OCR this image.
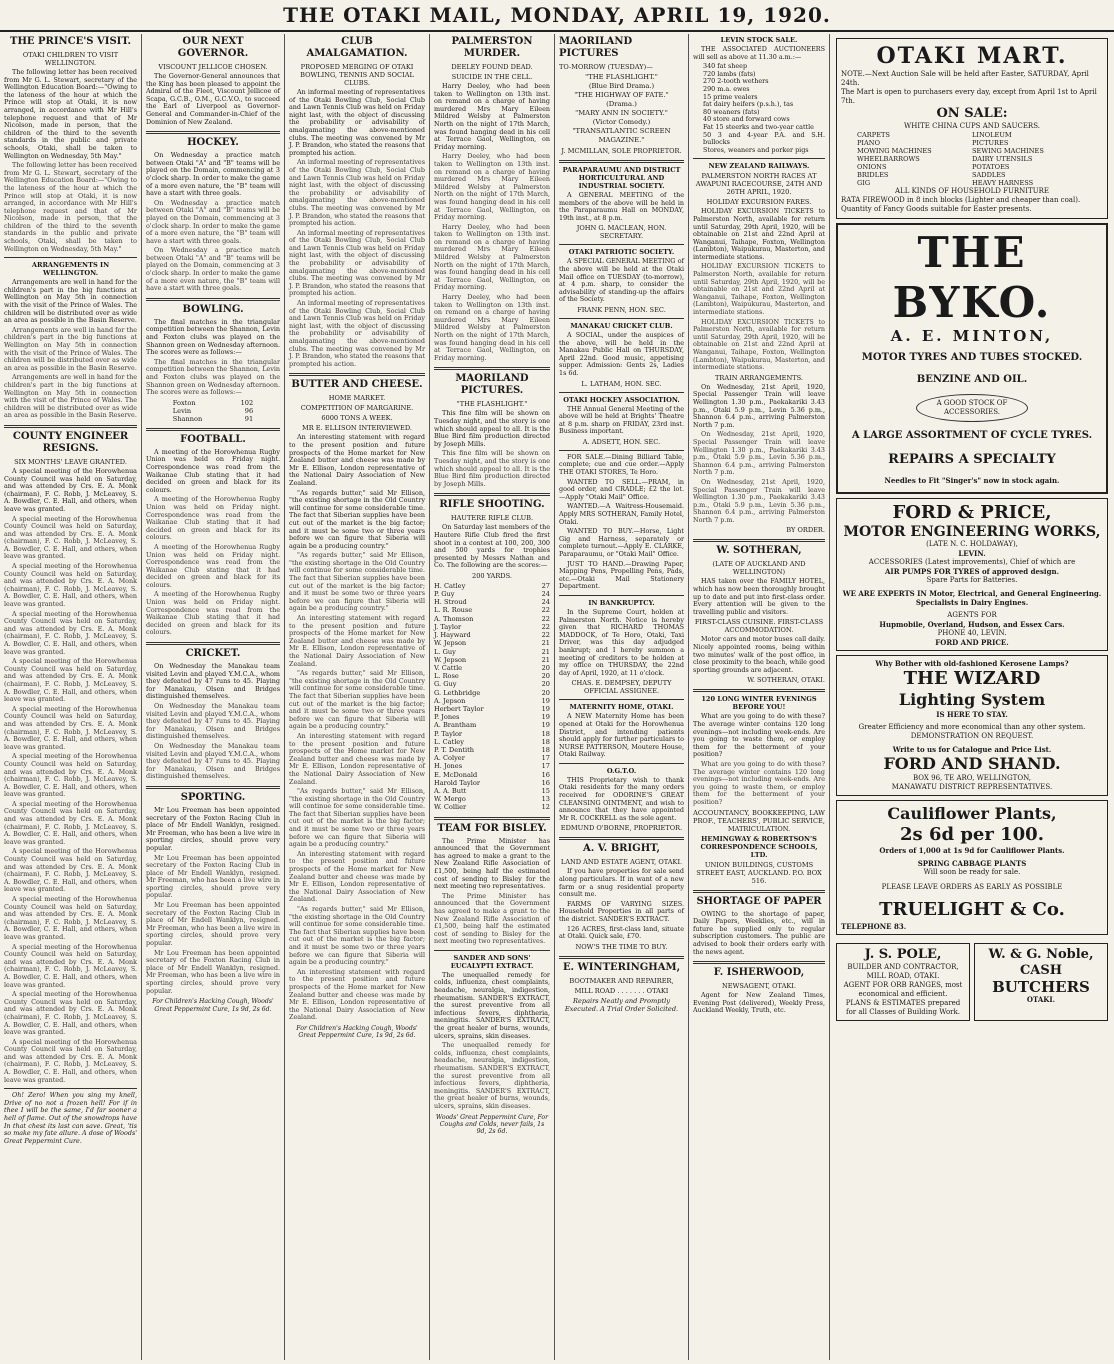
THE OTAKI MAIL, MONDAY, APRIL 19, 1920.
THE PRINCE'S VISIT.
OTAKI CHILDREN TO VISIT WELLINGTON.

The following letter has been received from Mr G. L. Stewart, secretary of the Wellington Education Board:—"Owing to the lateness of the hour at which the Prince will stop at Otaki, it is now arranged, in accordance with Mr Hill's telephone request and that of Mr Nicolson, made in person, that the children of the third to the seventh standards in the public and private schools, Otaki, shall be taken to Wellington on Wednesday, 5th May."

The following letter has been received from Mr G. L. Stewart, secretary of the Wellington Education Board:—"Owing to the lateness of the hour at which the Prince will stop at Otaki, it is now arranged, in accordance with Mr Hill's telephone request and that of Mr Nicolson, made in person, that the children of the third to the seventh standards in the public and private schools, Otaki, shall be taken to Wellington on Wednesday, 5th May."

ARRANGEMENTS IN WELLINGTON.

Arrangements are well in hand for the children's part in the big functions at Wellington on May 5th in connection with the visit of the Prince of Wales. The children will be distributed over as wide an area as possible in the Basin Reserve.

Arrangements are well in hand for the children's part in the big functions at Wellington on May 5th in connection with the visit of the Prince of Wales. The children will be distributed over as wide an area as possible in the Basin Reserve.

Arrangements are well in hand for the children's part in the big functions at Wellington on May 5th in connection with the visit of the Prince of Wales. The children will be distributed over as wide an area as possible in the Basin Reserve.

COUNTY ENGINEER RESIGNS.
SIX MONTHS' LEAVE GRANTED.

A special meeting of the Horowhenua County Council was held on Saturday, and was attended by Crs. E. A. Monk (chairman), F. C. Robb, J. McLeavey, S. A. Bowdler, C. E. Hall, and others, when leave was granted.

A special meeting of the Horowhenua County Council was held on Saturday, and was attended by Crs. E. A. Monk (chairman), F. C. Robb, J. McLeavey, S. A. Bowdler, C. E. Hall, and others, when leave was granted.

A special meeting of the Horowhenua County Council was held on Saturday, and was attended by Crs. E. A. Monk (chairman), F. C. Robb, J. McLeavey, S. A. Bowdler, C. E. Hall, and others, when leave was granted.

A special meeting of the Horowhenua County Council was held on Saturday, and was attended by Crs. E. A. Monk (chairman), F. C. Robb, J. McLeavey, S. A. Bowdler, C. E. Hall, and others, when leave was granted.

A special meeting of the Horowhenua County Council was held on Saturday, and was attended by Crs. E. A. Monk (chairman), F. C. Robb, J. McLeavey, S. A. Bowdler, C. E. Hall, and others, when leave was granted.

A special meeting of the Horowhenua County Council was held on Saturday, and was attended by Crs. E. A. Monk (chairman), F. C. Robb, J. McLeavey, S. A. Bowdler, C. E. Hall, and others, when leave was granted.

A special meeting of the Horowhenua County Council was held on Saturday, and was attended by Crs. E. A. Monk (chairman), F. C. Robb, J. McLeavey, S. A. Bowdler, C. E. Hall, and others, when leave was granted.

A special meeting of the Horowhenua County Council was held on Saturday, and was attended by Crs. E. A. Monk (chairman), F. C. Robb, J. McLeavey, S. A. Bowdler, C. E. Hall, and others, when leave was granted.

A special meeting of the Horowhenua County Council was held on Saturday, and was attended by Crs. E. A. Monk (chairman), F. C. Robb, J. McLeavey, S. A. Bowdler, C. E. Hall, and others, when leave was granted.

A special meeting of the Horowhenua County Council was held on Saturday, and was attended by Crs. E. A. Monk (chairman), F. C. Robb, J. McLeavey, S. A. Bowdler, C. E. Hall, and others, when leave was granted.

A special meeting of the Horowhenua County Council was held on Saturday, and was attended by Crs. E. A. Monk (chairman), F. C. Robb, J. McLeavey, S. A. Bowdler, C. E. Hall, and others, when leave was granted.

A special meeting of the Horowhenua County Council was held on Saturday, and was attended by Crs. E. A. Monk (chairman), F. C. Robb, J. McLeavey, S. A. Bowdler, C. E. Hall, and others, when leave was granted.

A special meeting of the Horowhenua County Council was held on Saturday, and was attended by Crs. E. A. Monk (chairman), F. C. Robb, J. McLeavey, S. A. Bowdler, C. E. Hall, and others, when leave was granted.

Oh! Zero! When you sing my knell, Drive of no not a frozen hell! For if in thee I will be the same, I'd far sooner a hell of flame. Out of the snowdrops have In that chest its last can save. Great, 'tis so make my fate allure. A dose of Woods' Great Peppermint Cure.

OUR NEXT GOVERNOR.
VISCOUNT JELLICOE CHOSEN.

The Governor-General announces that the King has been pleased to appoint the Admiral of the Fleet, Viscount Jellicoe of Scapa, G.C.B., O.M., G.C.V.O., to succeed the Earl of Liverpool as Governor-General and Commander-in-Chief of the Dominion of New Zealand.

HOCKEY.

On Wednesday a practice match between Otaki "A" and "B" teams will be played on the Domain, commencing at 3 o'clock sharp. In order to make the game of a more even nature, the "B" team will have a start with three goals.

On Wednesday a practice match between Otaki "A" and "B" teams will be played on the Domain, commencing at 3 o'clock sharp. In order to make the game of a more even nature, the "B" team will have a start with three goals.

On Wednesday a practice match between Otaki "A" and "B" teams will be played on the Domain, commencing at 3 o'clock sharp. In order to make the game of a more even nature, the "B" team will have a start with three goals.

BOWLING.

The final matches in the triangular competition between the Shannon, Levin and Foxton clubs was played on the Shannon green on Wednesday afternoon. The scores were as follows:—

The final matches in the triangular competition between the Shannon, Levin and Foxton clubs was played on the Shannon green on Wednesday afternoon. The scores were as follows:—

Foxton	102
Levin	96
Shannon	91
FOOTBALL.

A meeting of the Horowhenua Rugby Union was held on Friday night. Correspondence was read from the Waikanae Club stating that it had decided on green and black for its colours.

A meeting of the Horowhenua Rugby Union was held on Friday night. Correspondence was read from the Waikanae Club stating that it had decided on green and black for its colours.

A meeting of the Horowhenua Rugby Union was held on Friday night. Correspondence was read from the Waikanae Club stating that it had decided on green and black for its colours.

A meeting of the Horowhenua Rugby Union was held on Friday night. Correspondence was read from the Waikanae Club stating that it had decided on green and black for its colours.

CRICKET.

On Wednesday the Manakau team visited Levin and played Y.M.C.A., whom they defeated by 47 runs to 45. Playing for Manakau, Olsen and Bridges distinguished themselves.

On Wednesday the Manakau team visited Levin and played Y.M.C.A., whom they defeated by 47 runs to 45. Playing for Manakau, Olsen and Bridges distinguished themselves.

On Wednesday the Manakau team visited Levin and played Y.M.C.A., whom they defeated by 47 runs to 45. Playing for Manakau, Olsen and Bridges distinguished themselves.

SPORTING.

Mr Lou Freeman has been appointed secretary of the Foxton Racing Club in place of Mr Endell Wanklyn, resigned. Mr Freeman, who has been a live wire in sporting circles, should prove very popular.

Mr Lou Freeman has been appointed secretary of the Foxton Racing Club in place of Mr Endell Wanklyn, resigned. Mr Freeman, who has been a live wire in sporting circles, should prove very popular.

Mr Lou Freeman has been appointed secretary of the Foxton Racing Club in place of Mr Endell Wanklyn, resigned. Mr Freeman, who has been a live wire in sporting circles, should prove very popular.

Mr Lou Freeman has been appointed secretary of the Foxton Racing Club in place of Mr Endell Wanklyn, resigned. Mr Freeman, who has been a live wire in sporting circles, should prove very popular.

For Children's Hacking Cough, Woods' Great Peppermint Cure, 1s 9d, 2s 6d.
CLUB AMALGAMATION.
PROPOSED MERGING OF OTAKI BOWLING, TENNIS AND SOCIAL CLUBS.

An informal meeting of representatives of the Otaki Bowling Club, Social Club and Lawn Tennis Club was held on Friday night last, with the object of discussing the probability or advisability of amalgamating the above-mentioned clubs. The meeting was convened by Mr J. P. Brandon, who stated the reasons that prompted his action.

An informal meeting of representatives of the Otaki Bowling Club, Social Club and Lawn Tennis Club was held on Friday night last, with the object of discussing the probability or advisability of amalgamating the above-mentioned clubs. The meeting was convened by Mr J. P. Brandon, who stated the reasons that prompted his action.

An informal meeting of representatives of the Otaki Bowling Club, Social Club and Lawn Tennis Club was held on Friday night last, with the object of discussing the probability or advisability of amalgamating the above-mentioned clubs. The meeting was convened by Mr J. P. Brandon, who stated the reasons that prompted his action.

An informal meeting of representatives of the Otaki Bowling Club, Social Club and Lawn Tennis Club was held on Friday night last, with the object of discussing the probability or advisability of amalgamating the above-mentioned clubs. The meeting was convened by Mr J. P. Brandon, who stated the reasons that prompted his action.

BUTTER AND CHEESE.
HOME MARKET.
COMPETITION OF MARGARINE.
6000 TONS A WEEK.
MR E. ELLISON INTERVIEWED.

An interesting statement with regard to the present position and future prospects of the Home market for New Zealand butter and cheese was made by Mr E. Ellison, London representative of the National Dairy Association of New Zealand.

"As regards butter," said Mr Ellison, "the existing shortage in the Old Country will continue for some considerable time. The fact that Siberian supplies have been cut out of the market is the big factor; and it must be some two or three years before we can figure that Siberia will again be a producing country."

"As regards butter," said Mr Ellison, "the existing shortage in the Old Country will continue for some considerable time. The fact that Siberian supplies have been cut out of the market is the big factor; and it must be some two or three years before we can figure that Siberia will again be a producing country."

An interesting statement with regard to the present position and future prospects of the Home market for New Zealand butter and cheese was made by Mr E. Ellison, London representative of the National Dairy Association of New Zealand.

"As regards butter," said Mr Ellison, "the existing shortage in the Old Country will continue for some considerable time. The fact that Siberian supplies have been cut out of the market is the big factor; and it must be some two or three years before we can figure that Siberia will again be a producing country."

An interesting statement with regard to the present position and future prospects of the Home market for New Zealand butter and cheese was made by Mr E. Ellison, London representative of the National Dairy Association of New Zealand.

"As regards butter," said Mr Ellison, "the existing shortage in the Old Country will continue for some considerable time. The fact that Siberian supplies have been cut out of the market is the big factor; and it must be some two or three years before we can figure that Siberia will again be a producing country."

An interesting statement with regard to the present position and future prospects of the Home market for New Zealand butter and cheese was made by Mr E. Ellison, London representative of the National Dairy Association of New Zealand.

"As regards butter," said Mr Ellison, "the existing shortage in the Old Country will continue for some considerable time. The fact that Siberian supplies have been cut out of the market is the big factor; and it must be some two or three years before we can figure that Siberia will again be a producing country."

An interesting statement with regard to the present position and future prospects of the Home market for New Zealand butter and cheese was made by Mr E. Ellison, London representative of the National Dairy Association of New Zealand.

For Children's Hacking Cough, Woods' Great Peppermint Cure, 1s 9d, 2s 6d.
PALMERSTON MURDER.
DEELEY FOUND DEAD.
SUICIDE IN THE CELL.

Harry Deeley, who had been taken to Wellington on 13th inst. on remand on a charge of having murdered Mrs Mary Eileen Mildred Welsby at Palmerston North on the night of 17th March, was found hanging dead in his cell at Terrace Gaol, Wellington, on Friday morning.

Harry Deeley, who had been taken to Wellington on 13th inst. on remand on a charge of having murdered Mrs Mary Eileen Mildred Welsby at Palmerston North on the night of 17th March, was found hanging dead in his cell at Terrace Gaol, Wellington, on Friday morning.

Harry Deeley, who had been taken to Wellington on 13th inst. on remand on a charge of having murdered Mrs Mary Eileen Mildred Welsby at Palmerston North on the night of 17th March, was found hanging dead in his cell at Terrace Gaol, Wellington, on Friday morning.

Harry Deeley, who had been taken to Wellington on 13th inst. on remand on a charge of having murdered Mrs Mary Eileen Mildred Welsby at Palmerston North on the night of 17th March, was found hanging dead in his cell at Terrace Gaol, Wellington, on Friday morning.

MAORILAND PICTURES.
"THE FLASHLIGHT."

This fine film will be shown on Tuesday night, and the story is one which should appeal to all. It is the Blue Bird film production directed by Joseph Mills.

This fine film will be shown on Tuesday night, and the story is one which should appeal to all. It is the Blue Bird film production directed by Joseph Mills.

RIFLE SHOOTING.
HAUTERE RIFLE CLUB.

On Saturday last members of the Hautere Rifle Club fired the first shoot in a contest at 100, 200, 300 and 500 yards for trophies presented by Messrs Nathan and Co. The following are the scores:—

200 YARDS.
H. Catley	27
P. Guy	24
H. Stroud	24
L. R. Rouse	22
A. Thomson	22
J. Taylor	22
J. Hayward	22
W. Jepson	21
L. Guy	21
W. Jepson	21
V. Cattle	20
L. Rose	20
G. Guy	20
G. Lethbridge	20
A. Jepson	19
Herbert Taylor	19
P. Jones	19
A. Brantham	19
P. Taylor	18
L. Catley	18
P. T. Dentith	18
A. Colyer	17
H. Jones	17
E. McDonald	16
Harold Taylor	16
A. A. Butt	15
W. Mergo	13
W. Collier	12
TEAM FOR BISLEY.

The Prime Minister has announced that the Government has agreed to make a grant to the New Zealand Rifle Association of £1,500, being half the estimated cost of sending to Bisley for the next meeting two representatives.

The Prime Minister has announced that the Government has agreed to make a grant to the New Zealand Rifle Association of £1,500, being half the estimated cost of sending to Bisley for the next meeting two representatives.

SANDER AND SONS' EUCALYPTI EXTRACT.

The unequalled remedy for colds, influenza, chest complaints, headache, neuralgia, indigestion, rheumatism. SANDER'S EXTRACT, the surest preventive from all infectious fevers, diphtheria, meningitis. SANDER'S EXTRACT, the great healer of burns, wounds, ulcers, sprains, skin diseases.

The unequalled remedy for colds, influenza, chest complaints, headache, neuralgia, indigestion, rheumatism. SANDER'S EXTRACT, the surest preventive from all infectious fevers, diphtheria, meningitis. SANDER'S EXTRACT, the great healer of burns, wounds, ulcers, sprains, skin diseases.

Woods' Great Peppermint Cure, For Coughs and Colds, never fails, 1s 9d, 2s 6d.
MAORILAND PICTURES
TO-MORROW (TUESDAY)—
"THE FLASHLIGHT."
(Blue Bird Drama.)
"THE HIGHWAY OF FATE."
(Drama.)
"MARY ANN IN SOCIETY."
(Victor Comedy.)
"TRANSATLANTIC SCREEN MAGAZINE."
J. MCMILLAN, SOLE PROPRIETOR.
PARAPARAUMU AND DISTRICT HORTICULTURAL AND INDUSTRIAL SOCIETY.

A GENERAL MEETING of the members of the above will be held in the Paraparaumu Hall on MONDAY, 19th inst., at 8 p.m.

JOHN G. MACLEAN, HON. SECRETARY.
OTAKI PATRIOTIC SOCIETY.

A SPECIAL GENERAL MEETING of the above will be held at the Otaki Mail office on TUESDAY (to-morrow), at 4 p.m. sharp, to consider the advisability of standing-up the affairs of the Society.

FRANK PENN, HON. SEC.
MANAKAU CRICKET CLUB.

A SOCIAL, under the auspices of the above, will be held in the Manakau Public Hall on THURSDAY, April 22nd. Good music, appetising supper. Admission: Gents 2s, Ladies 1s 6d.

L. LATHAM, HON. SEC.
OTAKI HOCKEY ASSOCIATION.

THE Annual General Meeting of the above will be held at Brights' Theatre at 8 p.m. sharp on FRIDAY, 23rd inst. Business important.

A. ADSETT, HON. SEC.

FOR SALE.—Dining Billiard Table, complete; cue and cue order.—Apply THE OTAKI STORES, Te Horo.

WANTED TO SELL.—PRAM, in good order, and CRADLE; £2 the lot.—Apply "Otaki Mail" Office.

WANTED.—A Waitress-Housemaid. Apply MRS SOTHERAN, Family Hotel, Otaki.

WANTED TO BUY.—Horse, Light Gig and Harness, separately or complete turnout.—Apply E. CLARKE, Paraparaumu, or "Otaki Mail" Office.

JUST TO HAND.—Drawing Paper, Mapping Pens, Propelling Pens, Pads, etc.—Otaki Mail Stationery Department.

IN BANKRUPTCY.

In the Supreme Court, holden at Palmerston North. Notice is hereby given that RICHARD THOMAS MADDOCK, of Te Horo, Otaki, Taxi Driver, was this day adjudged bankrupt; and I hereby summon a meeting of creditors to be holden at my office on THURSDAY, the 22nd day of April, 1920, at 11 o'clock.

CHAS. E. DEMPSEY, DEPUTY OFFICIAL ASSIGNEE.
MATERNITY HOME, OTAKI.

A NEW Maternity Home has been opened at Otaki for the Horowhenua District, and intending patients should apply for further particulars to NURSE PATTERSON, Moutere House, Otaki Railway.

O.G.T.O.

THIS Proprietary wish to thank Otaki residents for the many orders received for ODORINE'S GREAT CLEANSING OINTMENT, and wish to announce that they have appointed Mr R. COCKRELL as the sole agent.

EDMUND O'BORNE, PROPRIETOR.
A. V. BRIGHT,
LAND AND ESTATE AGENT, OTAKI.

If you have properties for sale send along particulars. If in want of a new farm or a snug residential property consult me.

FARMS OF VARYING SIZES. Household Properties in all parts of the district. SANDER'S EXTRACT.

126 ACRES, first-class land, situate at Otaki. Quick sale, £70.

NOW'S THE TIME TO BUY.
E. WINTERINGHAM,
BOOTMAKER AND REPAIRER,
MILL ROAD . . . . . . . OTAKI
Repairs Neatly and Promptly Executed. A Trial Order Solicited.
LEVIN STOCK SALE.

THE ASSOCIATED AUCTIONEERS will sell as above at 11.30 a.m.:—

340 fat sheep
720 lambs (fats)
270 2-tooth wethers
290 m.a. ewes
15 prime vealers
fat dairy heifers (p.s.h.), tas
80 weaners (fats)
40 store and forward cows
Fat 15 steerks and two-year cattle
50 3 and 4-year P.A. and S.H. bullocks
Stores, weaners and porker pigs
NEW ZEALAND RAILWAYS.
PALMERSTON NORTH RACES AT AWAPUNI RACECOURSE, 24TH AND 26TH APRIL, 1920.
HOLIDAY EXCURSION FARES.

HOLIDAY EXCURSION TICKETS to Palmerston North, available for return until Saturday, 29th April, 1920, will be obtainable on 21st and 22nd April at Wanganui, Taihape, Foxton, Wellington (Lambton), Waipukurau, Masterton, and intermediate stations.

HOLIDAY EXCURSION TICKETS to Palmerston North, available for return until Saturday, 29th April, 1920, will be obtainable on 21st and 22nd April at Wanganui, Taihape, Foxton, Wellington (Lambton), Waipukurau, Masterton, and intermediate stations.

HOLIDAY EXCURSION TICKETS to Palmerston North, available for return until Saturday, 29th April, 1920, will be obtainable on 21st and 22nd April at Wanganui, Taihape, Foxton, Wellington (Lambton), Waipukurau, Masterton, and intermediate stations.

TRAIN ARRANGEMENTS.

On Wednesday, 21st April, 1920, Special Passenger Train will leave Wellington 1.30 p.m., Paekakariki 3.43 p.m., Otaki 5.9 p.m., Levin 5.36 p.m., Shannon 6.4 p.m., arriving Palmerston North 7 p.m.

On Wednesday, 21st April, 1920, Special Passenger Train will leave Wellington 1.30 p.m., Paekakariki 3.43 p.m., Otaki 5.9 p.m., Levin 5.36 p.m., Shannon 6.4 p.m., arriving Palmerston North 7 p.m.

On Wednesday, 21st April, 1920, Special Passenger Train will leave Wellington 1.30 p.m., Paekakariki 3.43 p.m., Otaki 5.9 p.m., Levin 5.36 p.m., Shannon 6.4 p.m., arriving Palmerston North 7 p.m.

BY ORDER.
W. SOTHERAN,
(LATE OF AUCKLAND AND WELLINGTON)

HAS taken over the FAMILY HOTEL, which has now been thoroughly brought up to date and put into first-class order. Every attention will be given to the travelling public and visitors.

FIRST-CLASS CUISINE. FIRST-CLASS ACCOMMODATION.

Motor cars and motor buses call daily. Nicely appointed rooms, being within two minutes' walk of the post office, in close proximity to the beach, while good sporting grounds are adjacent.

W. SOTHERAN, OTAKI.
120 LONG WINTER EVENINGS BEFORE YOU!

What are you going to do with these? The average winter contains 120 long evenings—not including week-ends. Are you going to waste them, or employ them for the betterment of your position?

What are you going to do with these? The average winter contains 120 long evenings—not including week-ends. Are you going to waste them, or employ them for the betterment of your position?

ACCOUNTANCY, BOOKKEEPING, LAW PROF., TEACHERS', PUBLIC SERVICE, MATRICULATION.
HEMINGWAY & ROBERTSON'S CORRESPONDENCE SCHOOLS, LTD.
UNION BUILDINGS, CUSTOMS STREET EAST, AUCKLAND. P.O. BOX 516.
SHORTAGE OF PAPER

OWING to the shortage of paper, Daily Papers, Weeklies, etc., will in future be supplied only to regular subscription customers. The public are advised to book their orders early with the news agent.

F. ISHERWOOD,
NEWSAGENT, OTAKI.

Agent for New Zealand Times, Evening Post (delivered), Weekly Press, Auckland Weekly, Truth, etc.

OTAKI MART.
NOTE.—Next Auction Sale will be held after Easter, SATURDAY, April 24th.
The Mart is open to purchasers every day, except from April 1st to April 7th.
ON SALE:
WHITE CHINA CUPS AND SAUCERS.
CARPETS	LINOLEUM
PIANO	PICTURES
MOWING MACHINES	SEWING MACHINES
WHEELBARROWS	DAIRY UTENSILS
ONIONS	POTATOES
BRIDLES	SADDLES
GIG	HEAVY HARNESS
ALL KINDS OF HOUSEHOLD FURNITURE
RATA FIREWOOD in 8 inch blocks (Lighter and cheaper than coal). Quantity of Fancy Goods suitable for Easter presents.
THE BYKO.
A. E. MINTON,
MOTOR TYRES AND TUBES STOCKED.
BENZINE AND OIL.
A GOOD STOCK OF ACCESSORIES.
A LARGE ASSORTMENT OF CYCLE TYRES.
REPAIRS A SPECIALTY
Needles to Fit "Singer's" now in stock again.
FORD & PRICE,
MOTOR ENGINEERING WORKS,
(LATE N. C. HOLDAWAY),
LEVIN.
ACCESSORIES (Latest improvements), Chief of which are
AIR PUMPS FOR TYRES of approved design.
Spare Parts for Batteries.
WE ARE EXPERTS IN Motor, Electrical, and General Engineering. Specialists in Dairy Engines.
AGENTS FOR
Hupmobile, Overland, Hudson, and Essex Cars.
PHONE 40, LEVIN.
FORD AND PRICE.
Why Bother with old-fashioned Kerosene Lamps?
THE WIZARD
Lighting System
IS HERE TO STAY.
Greater Efficiency and more economical than any other system. DEMONSTRATION ON REQUEST.
Write to us for Catalogue and Price List.
FORD AND SHAND.
BOX 96, TE ARO, WELLINGTON,
MANAWATU DISTRICT REPRESENTATIVES.
Cauliflower Plants,
2s 6d per 100.
Orders of 1,000 at 1s 9d for Cauliflower Plants.
SPRING CABBAGE PLANTS
Will soon be ready for sale.
PLEASE LEAVE ORDERS AS EARLY AS POSSIBLE
TRUELIGHT & Co.
TELEPHONE 83.
J. S. POLE,
BUILDER AND CONTRACTOR,
MILL ROAD, OTAKI.
AGENT FOR ORB RANGES, most economical and efficient.
PLANS & ESTIMATES prepared for all Classes of Building Work.
W. & G. Noble,
CASH
BUTCHERS
OTAKI.
